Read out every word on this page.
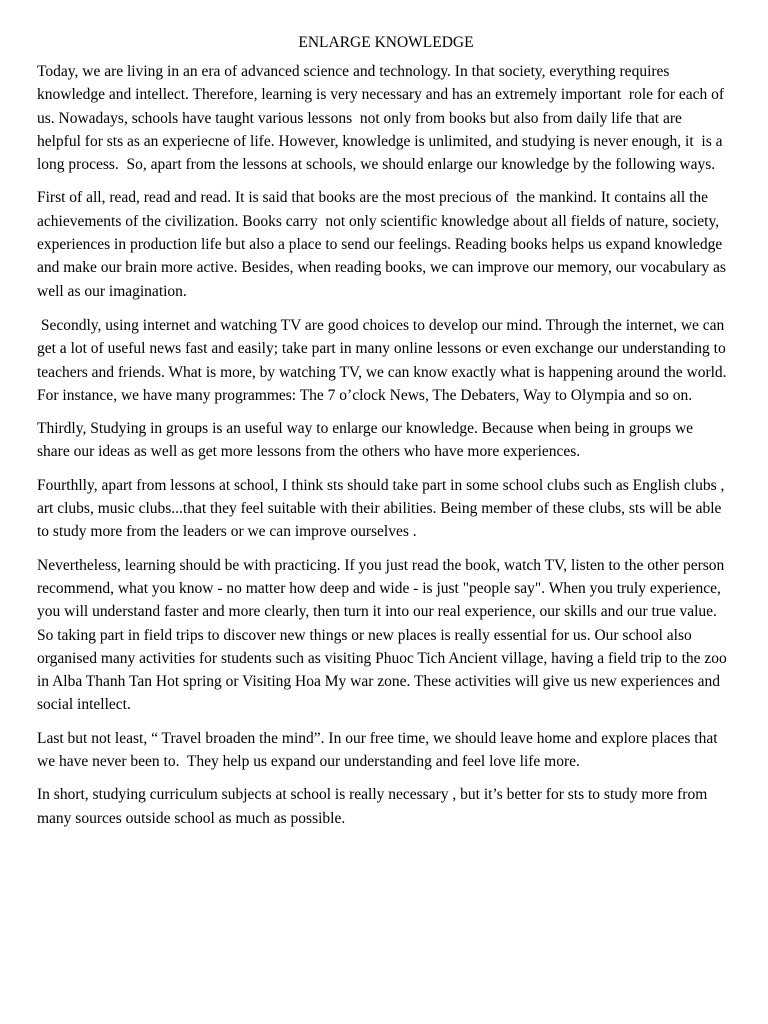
ENLARGE KNOWLEDGE

Today, we are living in an era of advanced science and technology. In that society, everything requires knowledge and intellect. Therefore, learning is very necessary and has an extremely important  role for each of us. Nowadays, schools have taught various lessons  not only from books but also from daily life that are helpful for sts as an experiecne of life. However, knowledge is unlimited, and studying is never enough, it  is a long process.  So, apart from the lessons at schools, we should enlarge our knowledge by the following ways.

First of all, read, read and read. It is said that books are the most precious of  the mankind. It contains all the achievements of the civilization. Books carry  not only scientific knowledge about all fields of nature, society, experiences in production life but also a place to send our feelings. Reading books helps us expand knowledge and make our brain more active. Besides, when reading books, we can improve our memory, our vocabulary as well as our imagination.

Secondly, using internet and watching TV are good choices to develop our mind. Through the internet, we can get a lot of useful news fast and easily; take part in many online lessons or even exchange our understanding to teachers and friends. What is more, by watching TV, we can know exactly what is happening around the world. For instance, we have many programmes: The 7 o’clock News, The Debaters, Way to Olympia and so on.

Thirdly, Studying in groups is an useful way to enlarge our knowledge. Because when being in groups we share our ideas as well as get more lessons from the others who have more experiences.

Fourthlly, apart from lessons at school, I think sts should take part in some school clubs such as English clubs , art clubs, music clubs...that they feel suitable with their abilities. Being member of these clubs, sts will be able to study more from the leaders or we can improve ourselves .

Nevertheless, learning should be with practicing. If you just read the book, watch TV, listen to the other person recommend, what you know - no matter how deep and wide - is just "people say". When you truly experience, you will understand faster and more clearly, then turn it into our real experience, our skills and our true value. So taking part in field trips to discover new things or new places is really essential for us. Our school also organised many activities for students such as visiting Phuoc Tich Ancient village, having a field trip to the zoo in Alba Thanh Tan Hot spring or Visiting Hoa My war zone. These activities will give us new experiences and social intellect.

Last but not least, “ Travel broaden the mind”. In our free time, we should leave home and explore places that we have never been to.  They help us expand our understanding and feel love life more.

In short, studying curriculum subjects at school is really necessary , but it’s better for sts to study more from many sources outside school as much as possible.
